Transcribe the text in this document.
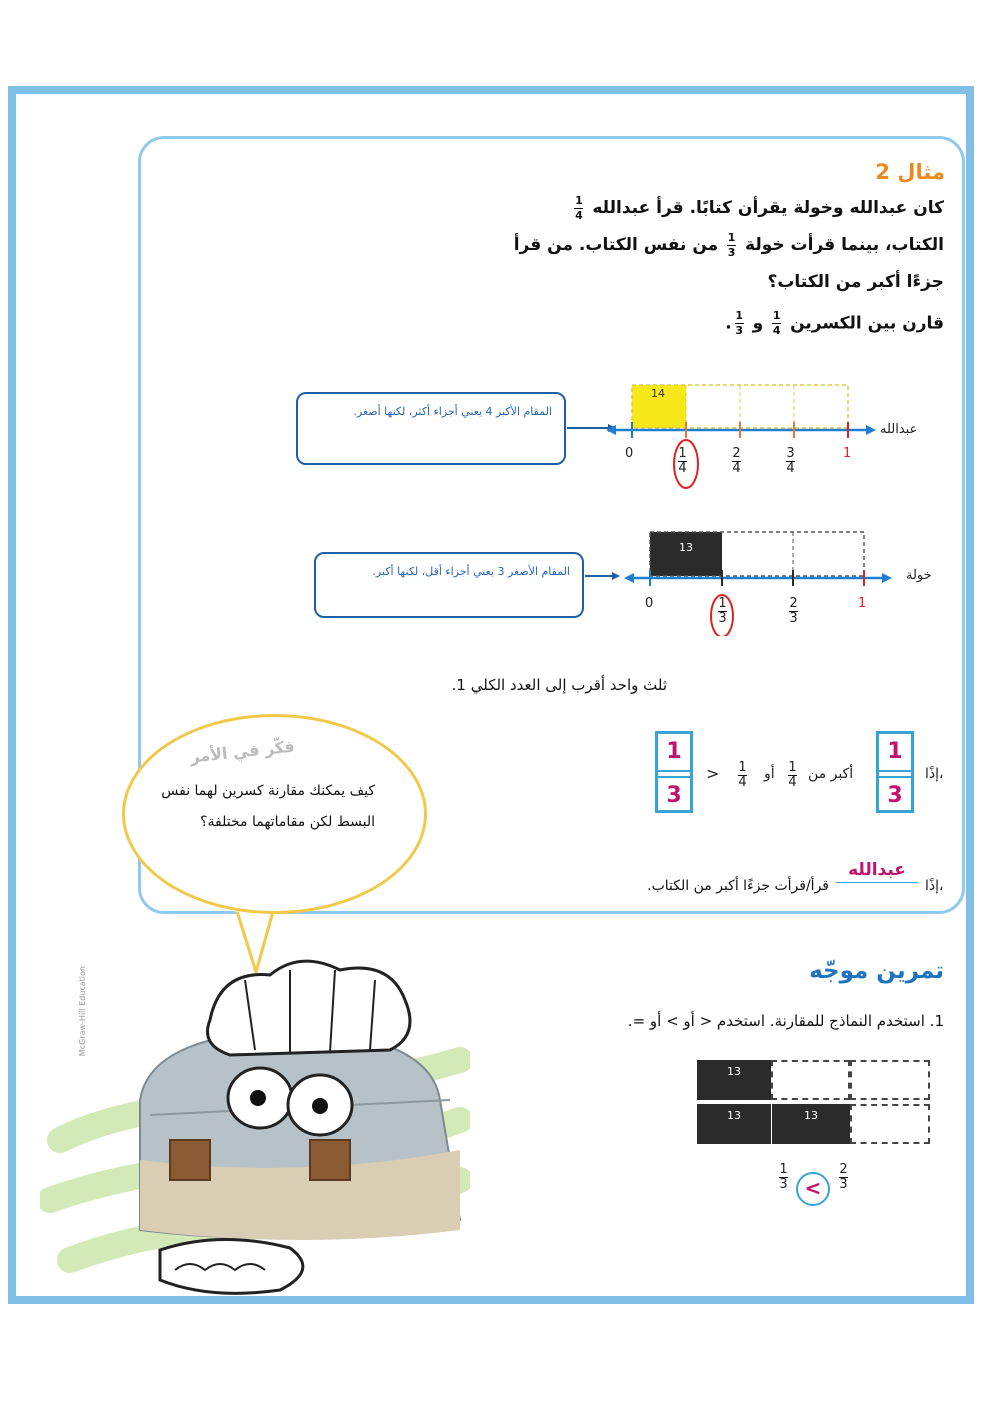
مثال 2
كان عبدالله وخولة يقرأن كتابًا. قرأ عبدالله
$\frac{1}{4}$
الكتاب، بينما قرأت خولة
$\frac{1}{3}$
من نفس الكتاب. من قرأ
جزءًا أكبر من الكتاب؟
قارن بين الكسرين
$\frac{1}{4}$
و
$\frac{1}{3}$
.
المقام الأكبر 4 يعني أجزاء أكثر، لكنها أصغر.
14
0	1
4
2
4
3
4
1
عبدالله
المقام الأصغر 3 يعني أجزاء أقل، لكنها أكبر.
13
0	1
3
2
3
1
خولة
ثلث واحد أقرب إلى العدد الكلي 1.
إذًا،
1
3
أكبر من
1
4
أو
1
4
>
1
3
إذًا،
عبدالله
قرأ/قرأت جزءًا أكبر من الكتاب.
فكّر في الأمر
كيف يمكنك مقارنة كسرين لهما نفس البسط لكن مقاماتهما مختلفة؟
تمرين موجّه
1. استخدم النماذج للمقارنة. استخدم < أو > أو =.
13
13	13
1
3 <
2
3
McGraw-Hill Education
